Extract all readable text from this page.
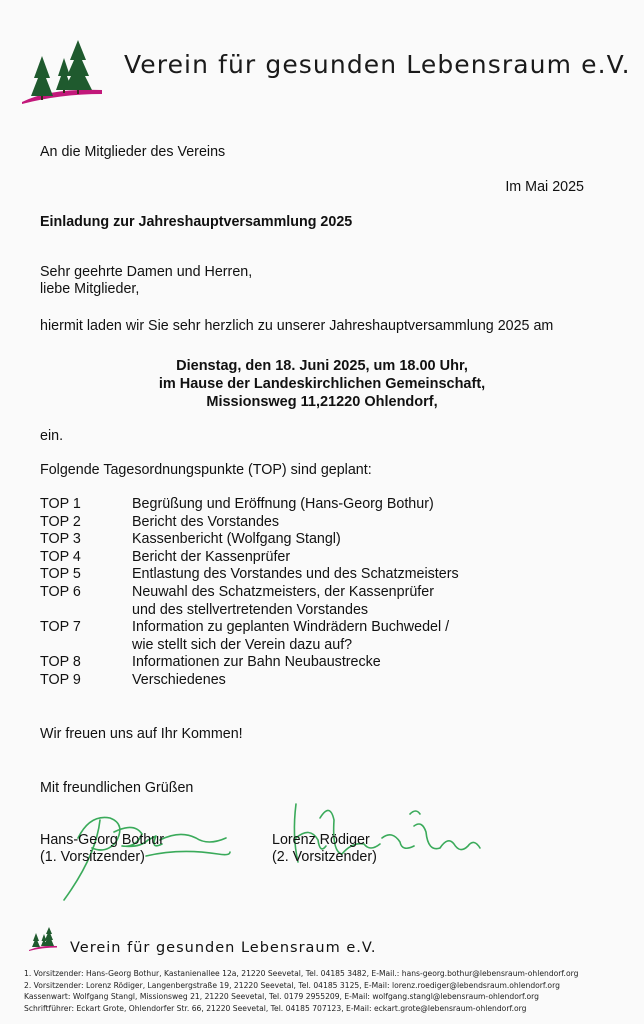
Verein für gesunden Lebensraum e.V.
An die Mitglieder des Vereins
Im Mai 2025
Einladung zur Jahreshauptversammlung 2025
Sehr geehrte Damen und Herren,
liebe Mitglieder,
hiermit laden wir Sie sehr herzlich zu unserer Jahreshauptversammlung 2025 am
Dienstag, den 18. Juni 2025, um 18.00 Uhr,
im Hause der Landeskirchlichen Gemeinschaft,
Missionsweg 11,21220 Ohlendorf,
ein.
Folgende Tagesordnungspunkte (TOP) sind geplant:
TOP 1	Begrüßung und Eröffnung (Hans-Georg Bothur)

TOP 2	Bericht des Vorstandes

TOP 3	Kassenbericht (Wolfgang Stangl)

TOP 4	Bericht der Kassenprüfer

TOP 5	Entlastung des Vorstandes und des Schatzmeisters

TOP 6	Neuwahl des Schatzmeisters, der Kassenprüfer
und des stellvertretenden Vorstandes

TOP 7	Information zu geplanten Windrädern Buchwedel /
wie stellt sich der Verein dazu auf?

TOP 8	Informationen zur Bahn Neubaustrecke

TOP 9	Verschiedenes
Wir freuen uns auf Ihr Kommen!
Mit freundlichen Grüßen
Hans-Georg Bothur
(1. Vorsitzender)
Lorenz Rödiger
(2. Vorsitzender)
Verein für gesunden Lebensraum e.V.
1. Vorsitzender: Hans-Georg Bothur, Kastanienallee 12a, 21220 Seevetal, Tel. 04185 3482, E-Mail.: hans-georg.bothur@lebensraum-ohlendorf.org
2. Vorsitzender: Lorenz Rödiger, Langenbergstraße 19, 21220 Seevetal, Tel. 04185 3125, E-Mail: lorenz.roediger@lebendsraum.ohlendorf.org
Kassenwart: Wolfgang Stangl, Missionsweg 21, 21220 Seevetal, Tel. 0179 2955209, E-Mail: wolfgang.stangl@lebensraum-ohlendorf.org
Schriftführer: Eckart Grote, Ohlendorfer Str. 66, 21220 Seevetal, Tel. 04185 707123, E-Mail: eckart.grote@lebensraum-ohlendorf.org
